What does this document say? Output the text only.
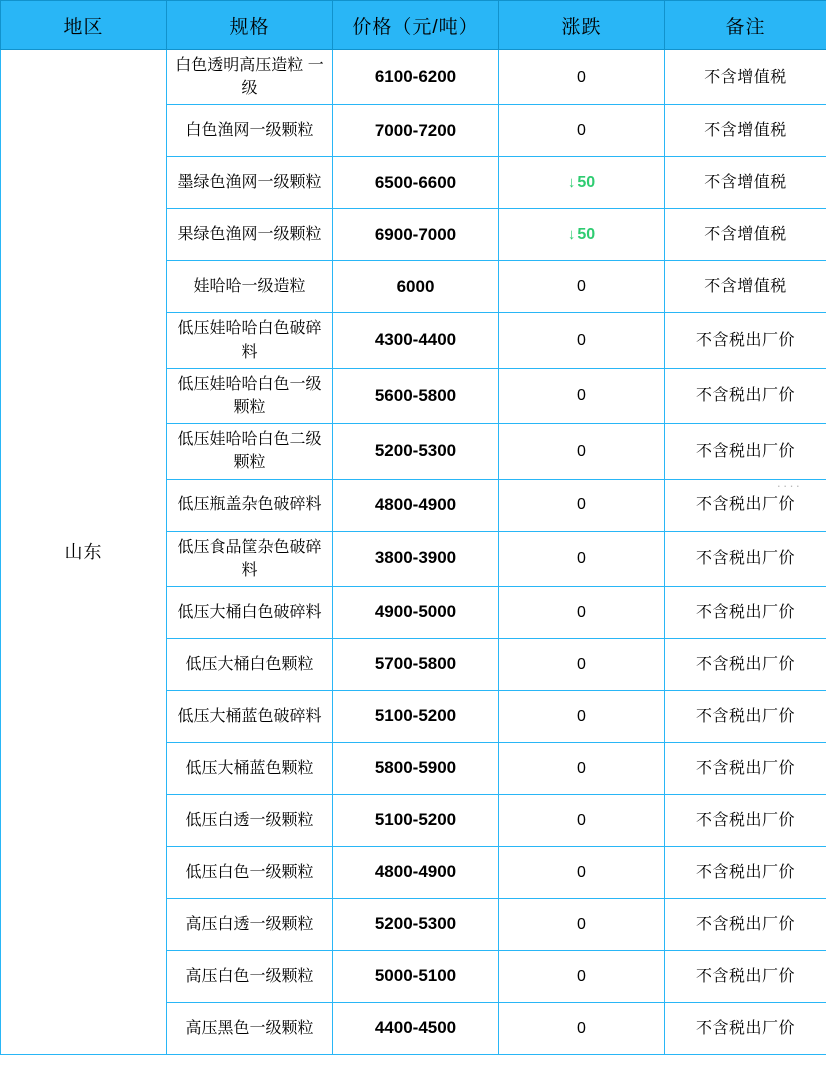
地区	规格	价格（元/吨）	涨跌	备注
山东	白色透明高压造粒 一级	6100-6200	0	不含增值税

	白色渔网一级颗粒	7000-7200	0	不含增值税

	墨绿色渔网一级颗粒	6500-6600	↓ 50	不含增值税

	果绿色渔网一级颗粒	6900-7000	↓ 50	不含增值税

	娃哈哈一级造粒	6000	0	不含增值税

	低压娃哈哈白色破碎料	4300-4400	0	不含税出厂价

	低压娃哈哈白色一级颗粒	5600-5800	0	不含税出厂价

	低压娃哈哈白色二级颗粒	5200-5300	0	不含税出厂价

	低压瓶盖杂色破碎料	4800-4900	0	不含税出厂价
····

	低压食品筐杂色破碎料	3800-3900	0	不含税出厂价

	低压大桶白色破碎料	4900-5000	0	不含税出厂价

	低压大桶白色颗粒	5700-5800	0	不含税出厂价

	低压大桶蓝色破碎料	5100-5200	0	不含税出厂价

	低压大桶蓝色颗粒	5800-5900	0	不含税出厂价

	低压白透一级颗粒	5100-5200	0	不含税出厂价

	低压白色一级颗粒	4800-4900	0	不含税出厂价

	高压白透一级颗粒	5200-5300	0	不含税出厂价

	高压白色一级颗粒	5000-5100	0	不含税出厂价

	高压黑色一级颗粒	4400-4500	0	不含税出厂价
